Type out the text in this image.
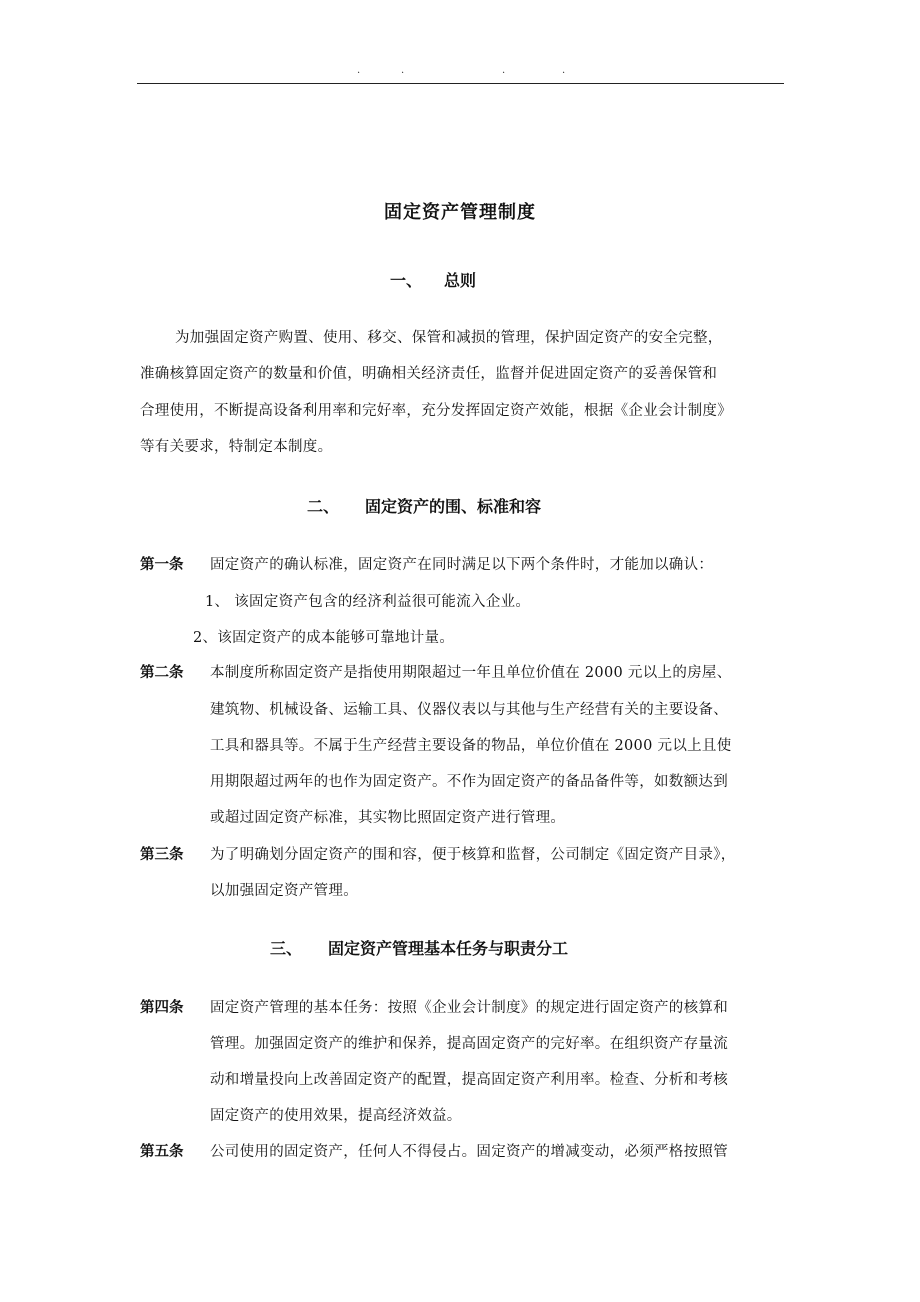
.	.	.	.
固定资产管理制度
一、 总则
为加强固定资产购置、使用、移交、保管和减损的管理，保护固定资产的安全完整，
准确核算固定资产的数量和价值，明确相关经济责任，监督并促进固定资产的妥善保管和
合理使用，不断提高设备利用率和完好率，充分发挥固定资产效能，根据《企业会计制度》
等有关要求，特制定本制度。
二、 固定资产的围、标准和容
第一条 固定资产的确认标准，固定资产在同时满足以下两个条件时，才能加以确认：
1、 该固定资产包含的经济利益很可能流入企业。
2、该固定资产的成本能够可靠地计量。
第二条 本制度所称固定资产是指使用期限超过一年且单位价值在 2000 元以上的房屋、
建筑物、机械设备、运输工具、仪器仪表以与其他与生产经营有关的主要设备、
工具和器具等。不属于生产经营主要设备的物品，单位价值在 2000 元以上且使
用期限超过两年的也作为固定资产。不作为固定资产的备品备件等，如数额达到
或超过固定资产标准，其实物比照固定资产进行管理。
第三条 为了明确划分固定资产的围和容，便于核算和监督，公司制定《固定资产目录》，
以加强固定资产管理。
三、 固定资产管理基本任务与职责分工
第四条 固定资产管理的基本任务：按照《企业会计制度》的规定进行固定资产的核算和
管理。加强固定资产的维护和保养，提高固定资产的完好率。在组织资产存量流
动和增量投向上改善固定资产的配置，提高固定资产利用率。检查、分析和考核
固定资产的使用效果，提高经济效益。
第五条 公司使用的固定资产，任何人不得侵占。固定资产的增减变动，必须严格按照管
